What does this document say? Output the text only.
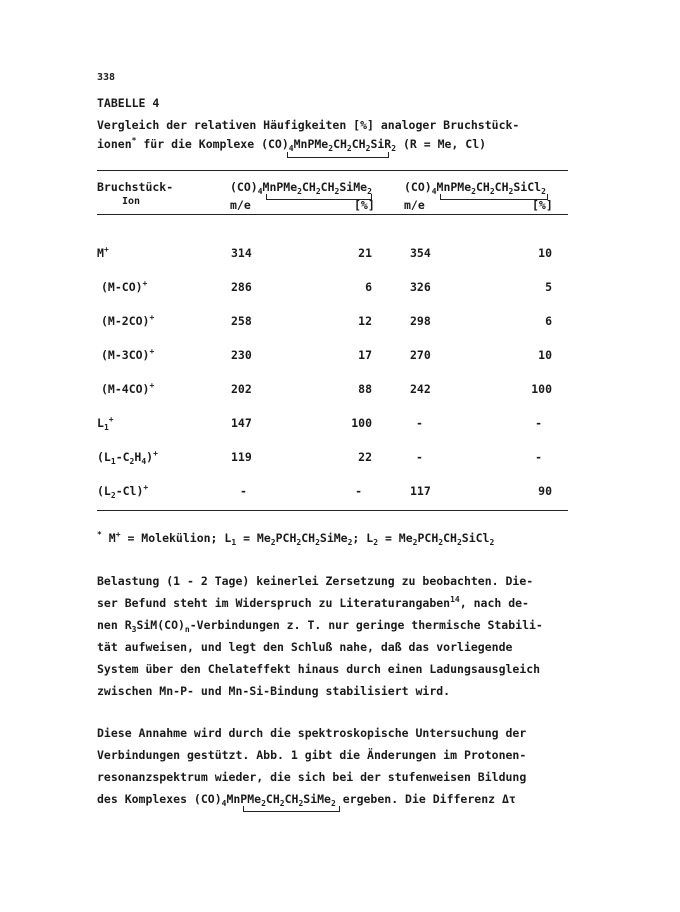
338
TABELLE 4
Vergleich der relativen Häufigkeiten [%] analoger Bruchstück-
ionen* für die Komplexe $(CO)_4MnPMe_2CH_2CH_2SiR_2$ (R = Me, Cl)
Bruchstück-
Ion
$(CO)_4MnPMe_2CH_2CH_2SiMe_2$	$(CO)_4MnPMe_2CH_2CH_2SiCl_2$
m/e	[%]	m/e	[%]
M+	314	21	354	10
(M-CO)+	286	6	326	5
(M-2CO)+	258	12	298	6
(M-3CO)+	230	17	270	10
(M-4CO)+	202	88	242	100
$L_1^+$	147	100	-	-
$(L_1-C_2H_4)^+$	119	22	-	-
$(L_2-Cl)^+$	-	-	117	90
* M+ = Molekülion; $L_1$ = $Me_2PCH_2CH_2SiMe_2$; $L_2$ = $Me_2PCH_2CH_2SiCl_2$
Belastung (1 - 2 Tage) keinerlei Zersetzung zu beobachten. Die-
ser Befund steht im Widerspruch zu Literaturangaben$^{14}$, nach de-
nen $R_3SiM(CO)_n$-Verbindungen z. T. nur geringe thermische Stabili-
tät aufweisen, und legt den Schluß nahe, daß das vorliegende
System über den Chelateffekt hinaus durch einen Ladungsausgleich
zwischen Mn-P- und Mn-Si-Bindung stabilisiert wird.
Diese Annahme wird durch die spektroskopische Untersuchung der
Verbindungen gestützt. Abb. 1 gibt die Änderungen im Protonen-
resonanzspektrum wieder, die sich bei der stufenweisen Bildung
des Komplexes $(CO)_4MnPMe_2CH_2CH_2SiMe_2$ ergeben. Die Differenz Δτ
